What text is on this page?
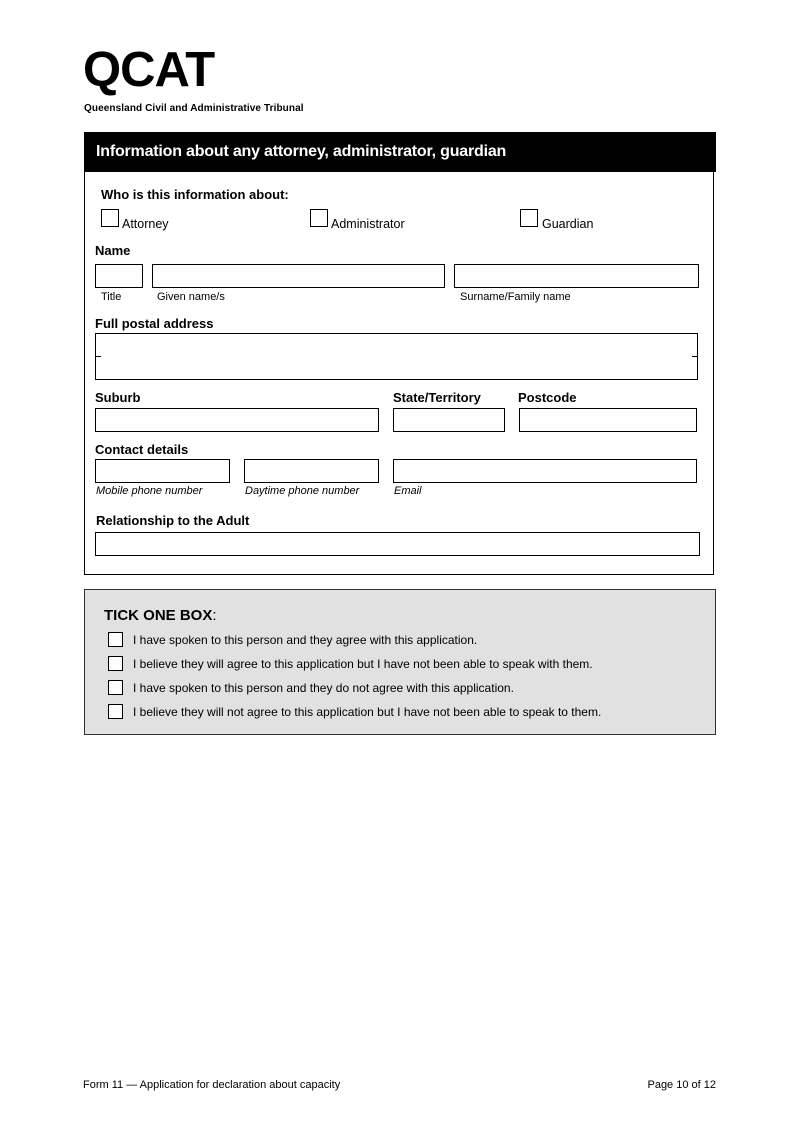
QCAT
Queensland Civil and Administrative Tribunal
Information about any attorney, administrator, guardian
Who is this information about:
Attorney	Administrator	Guardian
Name
Title	Given name/s	Surname/Family name
Full postal address
Suburb	State/Territory	Postcode
Contact details
Mobile phone number	Daytime phone number	Email
Relationship to the Adult
TICK ONE BOX:
I have spoken to this person and they agree with this application.
I believe they will agree to this application but I have not been able to speak with them.
I have spoken to this person and they do not agree with this application.
I believe they will not agree to this application but I have not been able to speak to them.
Form 11 — Application for declaration about capacity	Page 10 of 12
